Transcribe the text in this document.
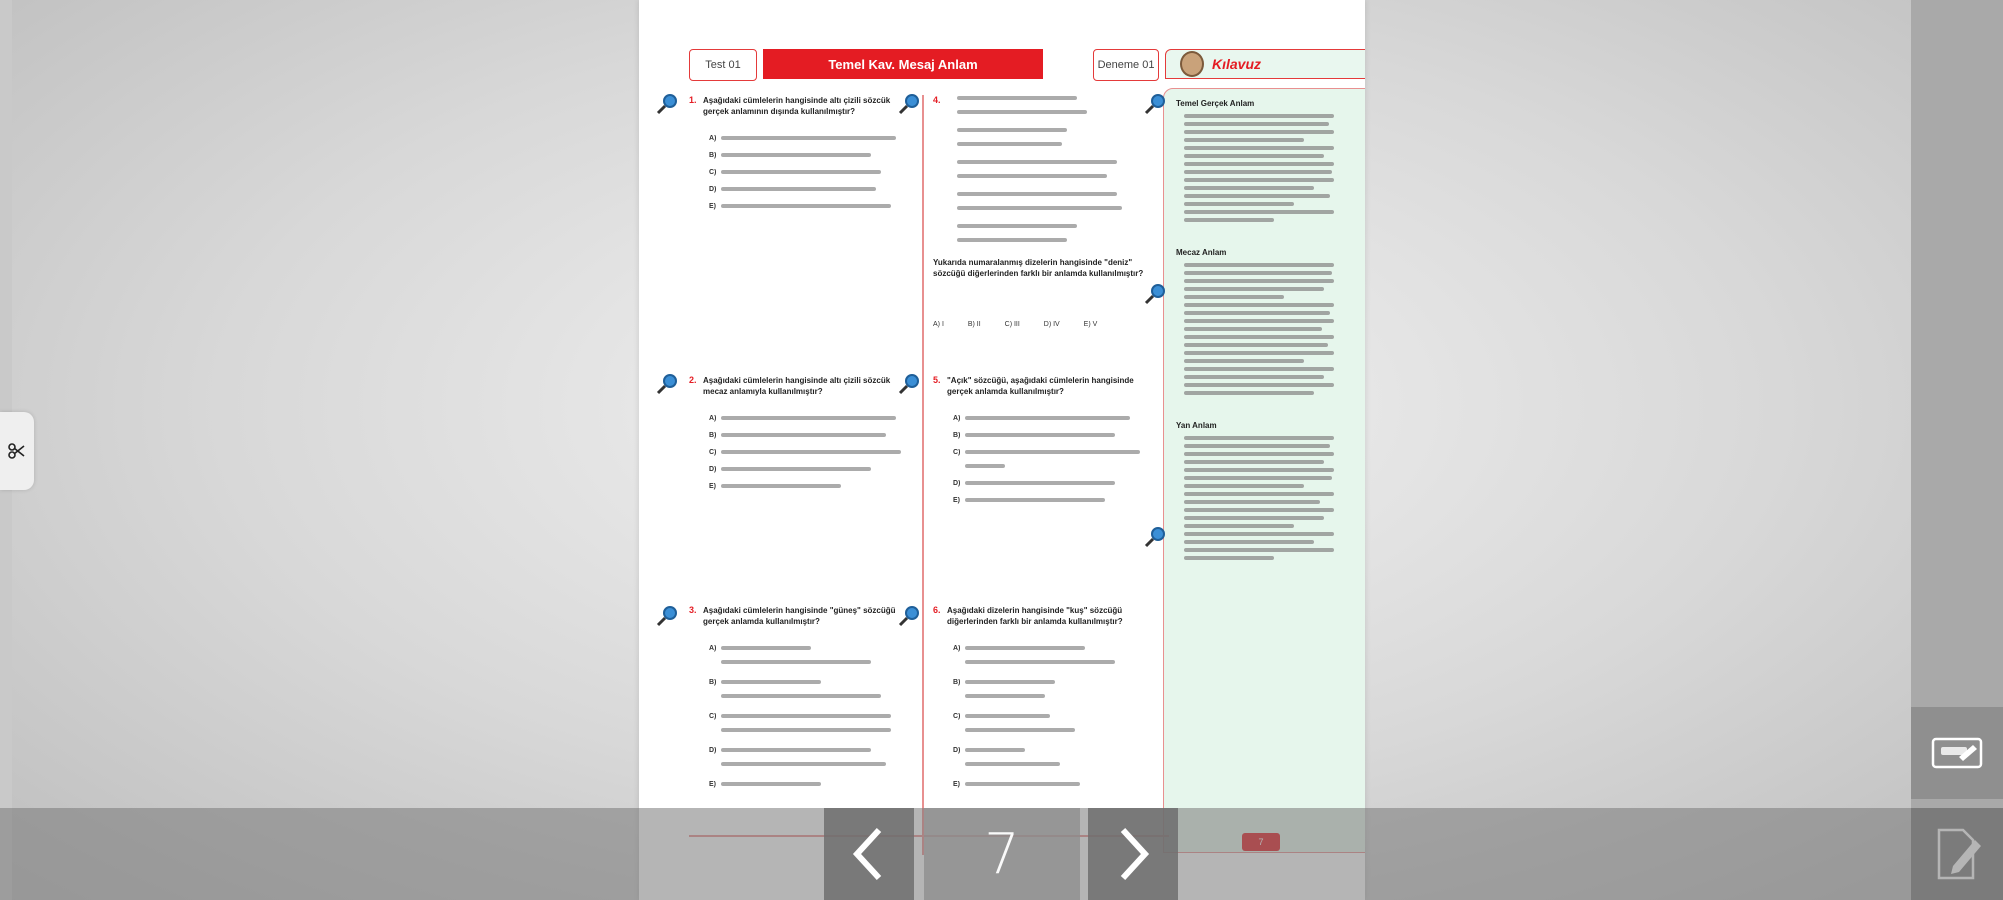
Test 01	Temel Kav. Mesaj Anlam	Deneme 01	Kılavuz
Temel Gerçek Anlam
Mecaz Anlam
Yan Anlam
1. Aşağıdaki cümlelerin hangisinde altı çizili sözcük gerçek anlamının dışında kullanılmıştır?
A)
B)
C)
D)
E)
2. Aşağıdaki cümlelerin hangisinde altı çizili sözcük mecaz anlamıyla kullanılmıştır?
A)
B)
C)
D)
E)
3. Aşağıdaki cümlelerin hangisinde "güneş" sözcüğü gerçek anlamda kullanılmıştır?
A)
B)
C)
D)
E)
4.
Yukarıda numaralanmış dizelerin hangisinde "deniz" sözcüğü diğerlerinden farklı bir anlamda kullanılmıştır?
A) I	B) II	C) III	D) IV	E) V
5. "Açık" sözcüğü, aşağıdaki cümlelerin hangisinde gerçek anlamda kullanılmıştır?
A)
B)
C)
D)
E)
6. Aşağıdaki dizelerin hangisinde "kuş" sözcüğü diğerlerinden farklı bir anlamda kullanılmıştır?
A)
B)
C)
D)
E)
7
